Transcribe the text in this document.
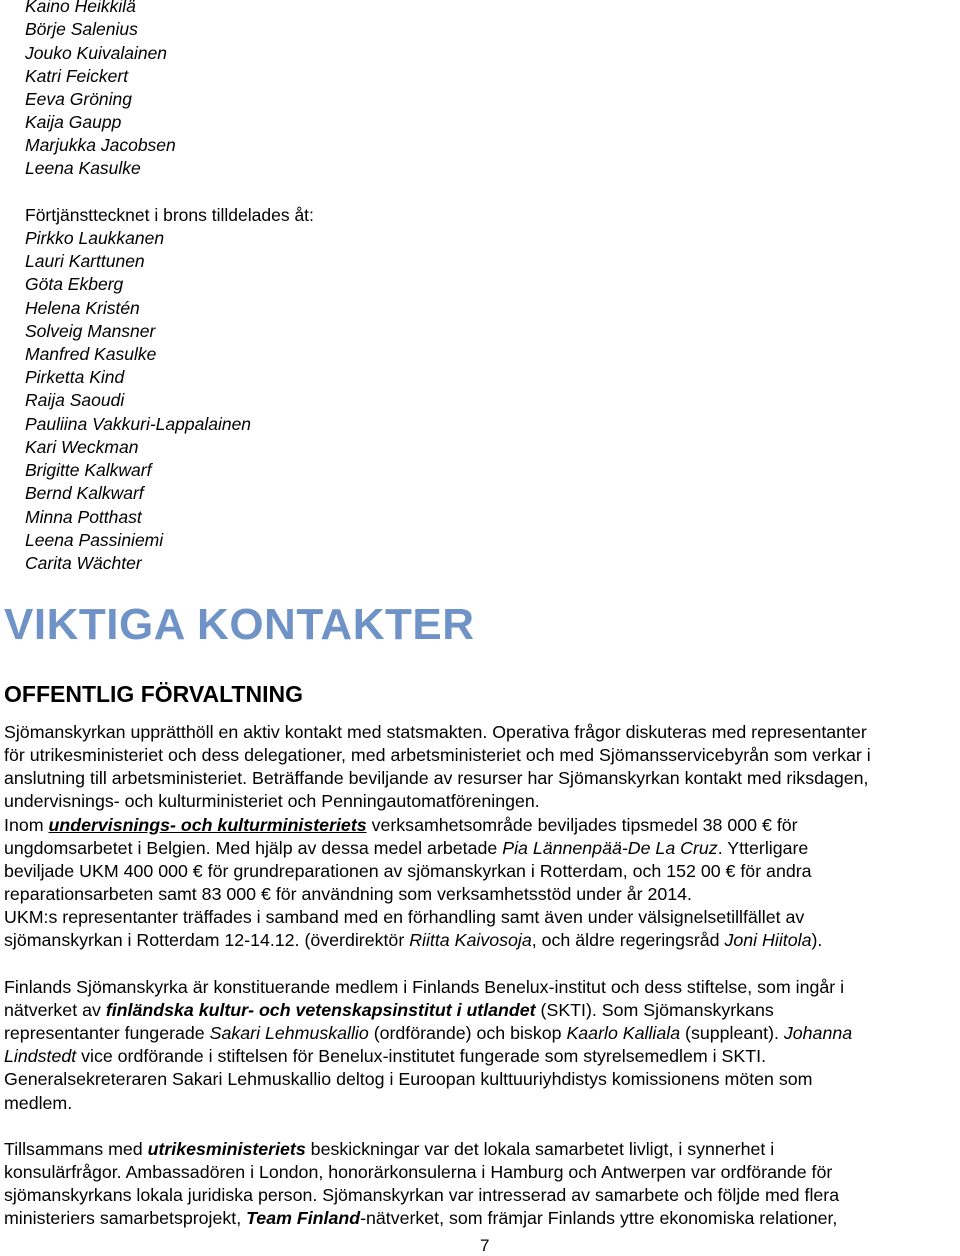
Kaino Heikkilä
Börje Salenius
Jouko Kuivalainen
Katri Feickert
Eeva Gröning
Kaija Gaupp
Marjukka Jacobsen
Leena Kasulke
Förtjänsttecknet i brons tilldelades åt:
Pirkko Laukkanen
Lauri Karttunen
Göta Ekberg
Helena Kristén
Solveig Mansner
Manfred Kasulke
Pirketta Kind
Raija Saoudi
Pauliina Vakkuri-Lappalainen
Kari Weckman
Brigitte Kalkwarf
Bernd Kalkwarf
Minna Potthast
Leena Passiniemi
Carita Wächter
VIKTIGA KONTAKTER
OFFENTLIG FÖRVALTNING
Sjömanskyrkan upprätthöll en aktiv kontakt med statsmakten. Operativa frågor diskuteras med representanter
för utrikesministeriet och dess delegationer, med arbetsministeriet och med Sjömansservicebyrån som verkar i
anslutning till arbetsministeriet. Beträffande beviljande av resurser har Sjömanskyrkan kontakt med riksdagen,
undervisnings- och kulturministeriet och Penningautomatföreningen.
Inom undervisnings- och kulturministeriets verksamhetsområde beviljades tipsmedel 38 000 € för
ungdomsarbetet i Belgien. Med hjälp av dessa medel arbetade Pia Lännenpää-De La Cruz. Ytterligare
beviljade UKM 400 000 € för grundreparationen av sjömanskyrkan i Rotterdam, och 152 00 € för andra
reparationsarbeten samt 83 000 € för användning som verksamhetsstöd under år 2014.
UKM:s representanter träffades i samband med en förhandling samt även under välsignelsetillfället av
sjömanskyrkan i Rotterdam 12-14.12. (överdirektör Riitta Kaivosoja, och äldre regeringsråd Joni Hiitola).
Finlands Sjömanskyrka är konstituerande medlem i Finlands Benelux-institut och dess stiftelse, som ingår i
nätverket av finländska kultur- och vetenskapsinstitut i utlandet (SKTI). Som Sjömanskyrkans
representanter fungerade Sakari Lehmuskallio (ordförande) och biskop Kaarlo Kalliala (suppleant). Johanna
Lindstedt vice ordförande i stiftelsen för Benelux-institutet fungerade som styrelsemedlem i SKTI.
Generalsekreteraren Sakari Lehmuskallio deltog i Euroopan kulttuuriyhdistys komissionens möten som
medlem.
Tillsammans med utrikesministeriets beskickningar var det lokala samarbetet livligt, i synnerhet i
konsulärfrågor. Ambassadören i London, honorärkonsulerna i Hamburg och Antwerpen var ordförande för
sjömanskyrkans lokala juridiska person. Sjömanskyrkan var intresserad av samarbete och följde med flera
ministeriers samarbetsprojekt, Team Finland-nätverket, som främjar Finlands yttre ekonomiska relationer,
7
